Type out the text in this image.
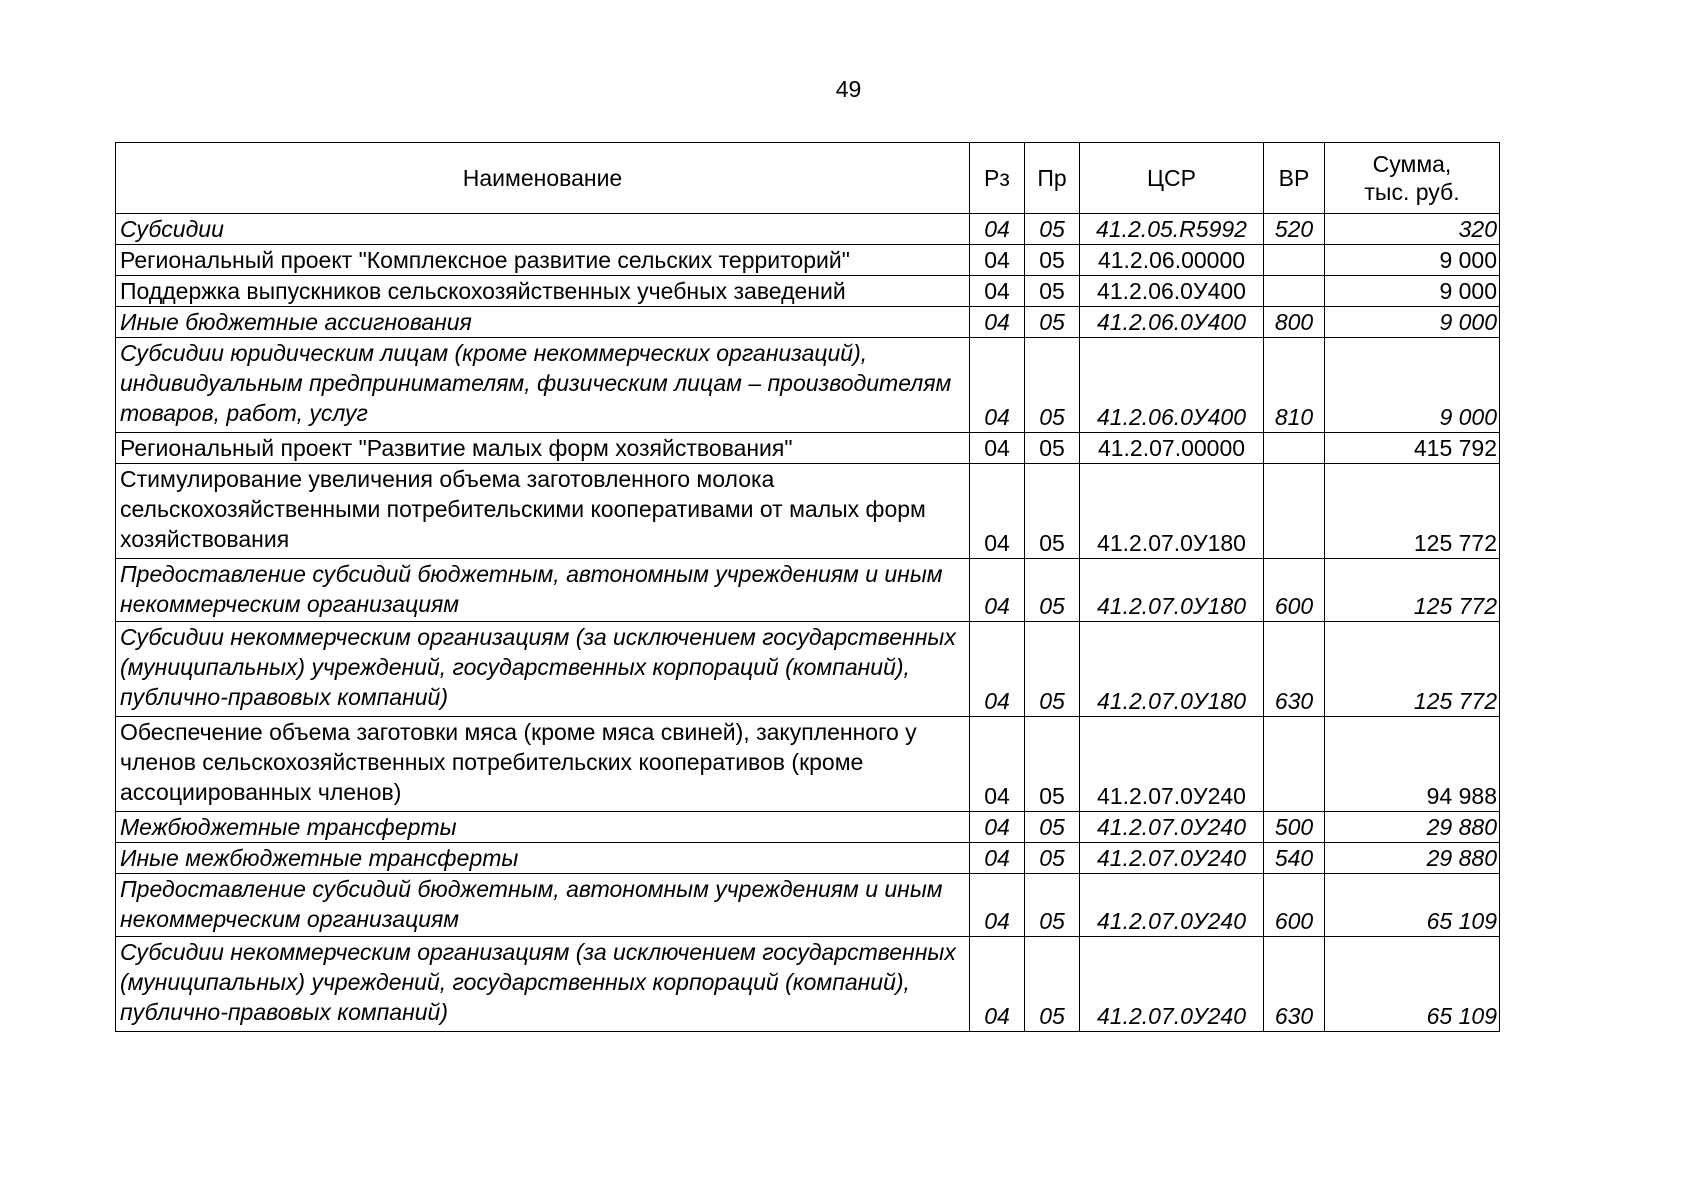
49
Наименование	Рз	Пр	ЦСР	ВР	Сумма,
тыс. руб.
Субсидии	04	05	41.2.05.R5992	520	320
Региональный проект "Комплексное развитие сельских территорий"	04	05	41.2.06.00000		9 000
Поддержка выпускников сельскохозяйственных учебных заведений	04	05	41.2.06.0У400		9 000
Иные бюджетные ассигнования	04	05	41.2.06.0У400	800	9 000
Субсидии юридическим лицам (кроме некоммерческих организаций), индивидуальным предпринимателям, физическим лицам – производителям товаров, работ, услуг	04	05	41.2.06.0У400	810	9 000
Региональный проект "Развитие малых форм хозяйствования"	04	05	41.2.07.00000		415 792
Стимулирование увеличения объема заготовленного молока сельскохозяйственными потребительскими кооперативами от малых форм хозяйствования	04	05	41.2.07.0У180		125 772
Предоставление субсидий бюджетным, автономным учреждениям и иным некоммерческим организациям	04	05	41.2.07.0У180	600	125 772
Субсидии некоммерческим организациям (за исключением государственных (муниципальных) учреждений, государственных корпораций (компаний), публично-правовых компаний)	04	05	41.2.07.0У180	630	125 772
Обеспечение объема заготовки мяса (кроме мяса свиней), закупленного у членов сельскохозяйственных потребительских кооперативов (кроме ассоциированных членов)	04	05	41.2.07.0У240		94 988
Межбюджетные трансферты	04	05	41.2.07.0У240	500	29 880
Иные межбюджетные трансферты	04	05	41.2.07.0У240	540	29 880
Предоставление субсидий бюджетным, автономным учреждениям и иным некоммерческим организациям	04	05	41.2.07.0У240	600	65 109
Субсидии некоммерческим организациям (за исключением государственных (муниципальных) учреждений, государственных корпораций (компаний), публично-правовых компаний)	04	05	41.2.07.0У240	630	65 109
